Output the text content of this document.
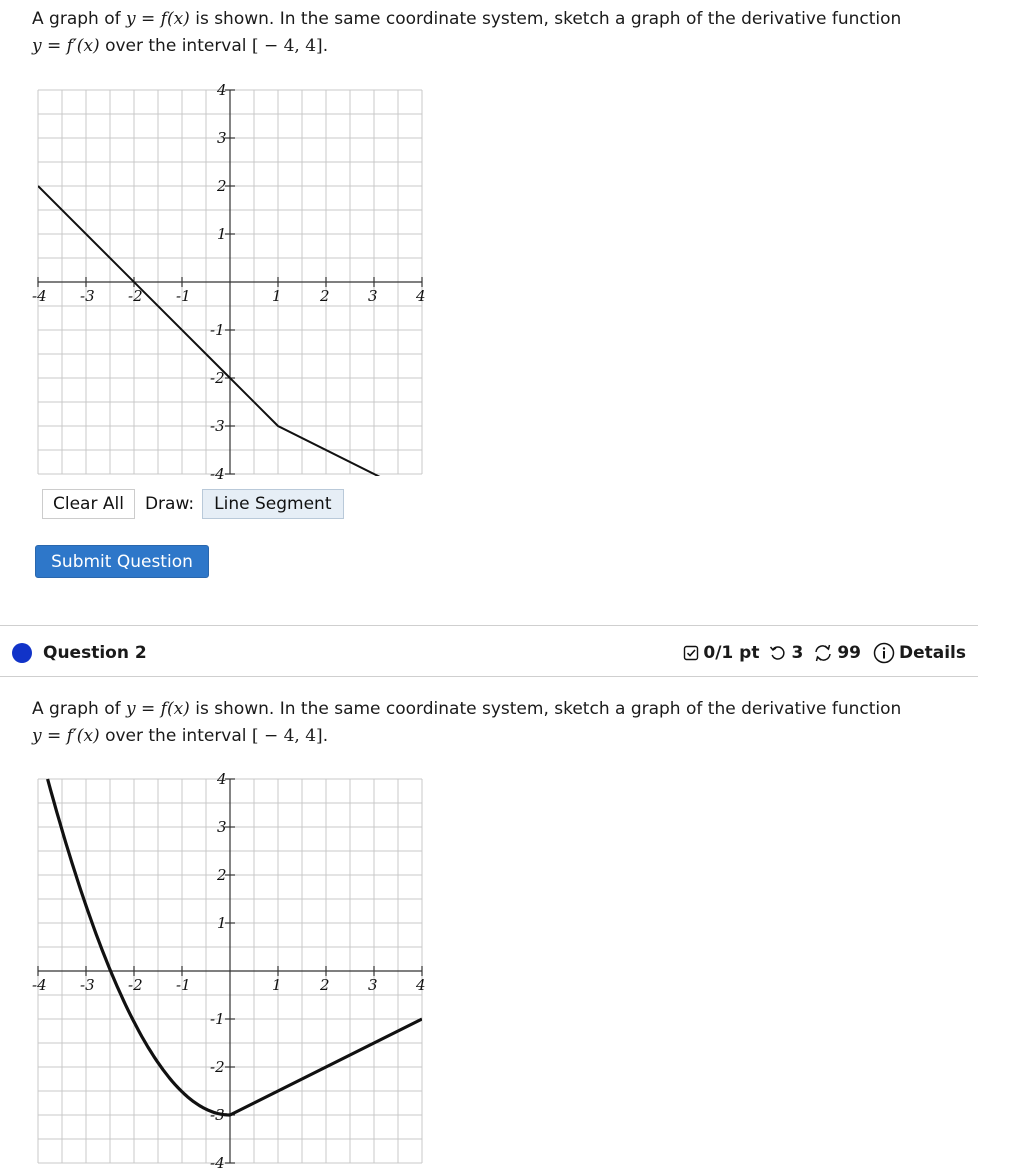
A graph of y = f(x) is shown. In the same coordinate system, sketch a graph of the derivative function
y = f′(x) over the interval [ − 4, 4].
-4 -3 -2 -1	1	2	3	4
4
3
2
1
-1
-2
-3
-4
Clear All	Draw:	Line Segment
Submit Question
Question 2	0/1 pt 3 99 Details
A graph of y = f(x) is shown. In the same coordinate system, sketch a graph of the derivative function
y = f′(x) over the interval [ − 4, 4].
-4 -3 -2 -1	1	2	3	4
4
3
2
1
-1
-2
-3
-4
